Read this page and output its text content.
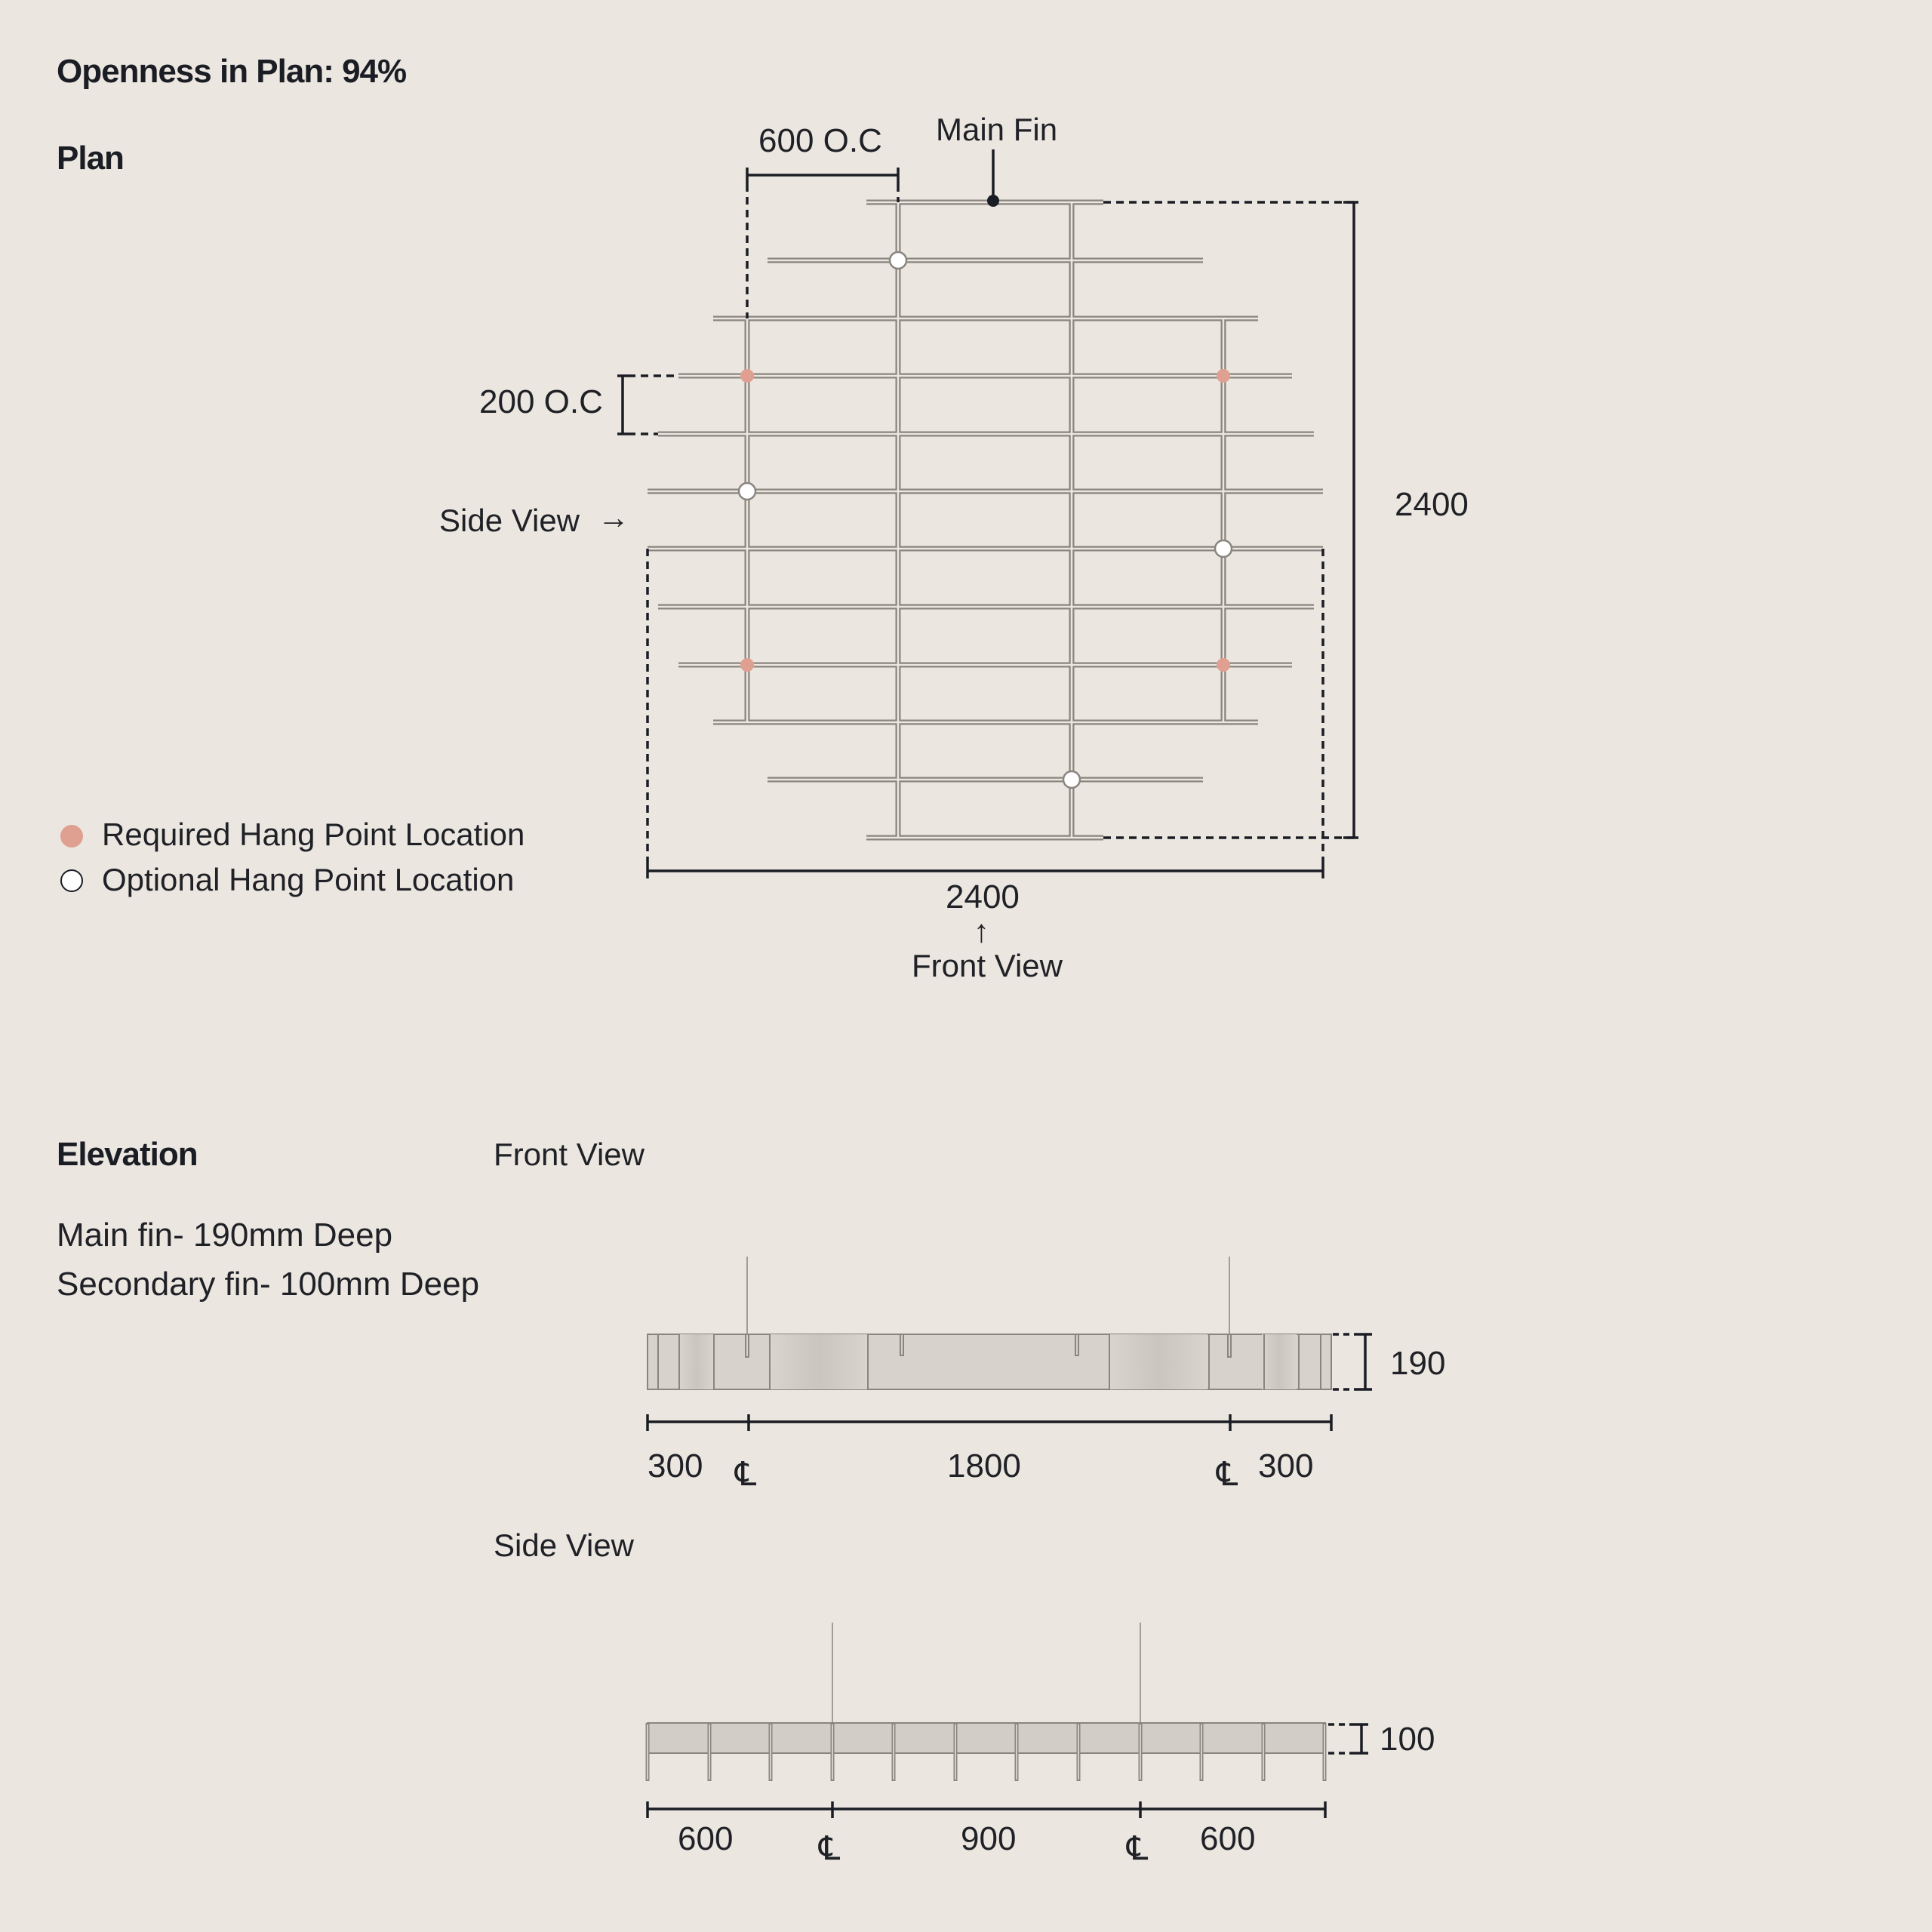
Openness in Plan: 94%
Plan	600 O.C Main Fin
200 O.C
Side View →	2400
2400
↑
Front View
Required Hang Point Location
Optional Hang Point Location
Elevation
Main fin- 190mm Deep
Secondary fin- 100mm Deep
Front View
190
300	1800	300
℄	℄
Side View
100
600	900	600
℄	℄
